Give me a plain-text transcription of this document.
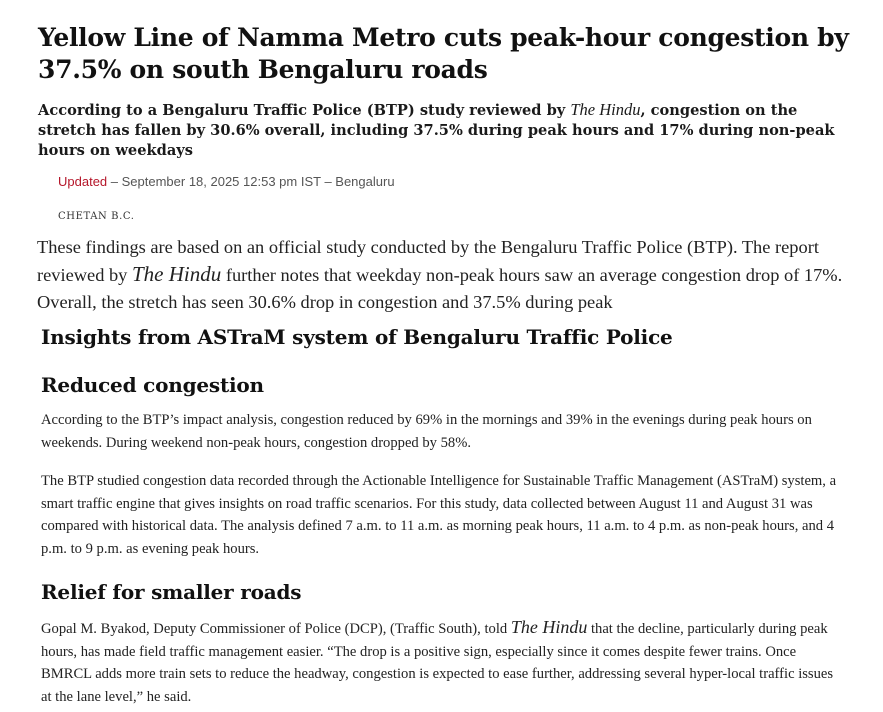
Yellow Line of Namma Metro cuts peak-hour congestion by 37.5% on south Bengaluru roads

According to a Bengaluru Traffic Police (BTP) study reviewed by The Hindu, congestion on the stretch has fallen by 30.6% overall, including 37.5% during peak hours and 17% during non-peak hours on weekdays

Updated – September 18, 2025 12:53 pm IST – Bengaluru
CHETAN B.C.

These findings are based on an official study conducted by the Bengaluru Traffic Police (BTP). The report reviewed by The Hindu further notes that weekday non-peak hours saw an average congestion drop of 17%. Overall, the stretch has seen 30.6% drop in congestion and 37.5% during peak

Insights from ASTraM system of Bengaluru Traffic Police
Reduced congestion

According to the BTP’s impact analysis, congestion reduced by 69% in the mornings and 39% in the evenings during peak hours on weekends. During weekend non-peak hours, congestion dropped by 58%.

The BTP studied congestion data recorded through the Actionable Intelligence for Sustainable Traffic Management (ASTraM) system, a smart traffic engine that gives insights on road traffic scenarios. For this study, data collected between August 11 and August 31 was compared with historical data. The analysis defined 7 a.m. to 11 a.m. as morning peak hours, 11 a.m. to 4 p.m. as non-peak hours, and 4 p.m. to 9 p.m. as evening peak hours.

Relief for smaller roads

Gopal M. Byakod, Deputy Commissioner of Police (DCP), (Traffic South), told The Hindu that the decline, particularly during peak hours, has made field traffic management easier. “The drop is a positive sign, especially since it comes despite fewer trains. Once BMRCL adds more train sets to reduce the headway, congestion is expected to ease further, addressing several hyper-local traffic issues at the lane level,” he said.
